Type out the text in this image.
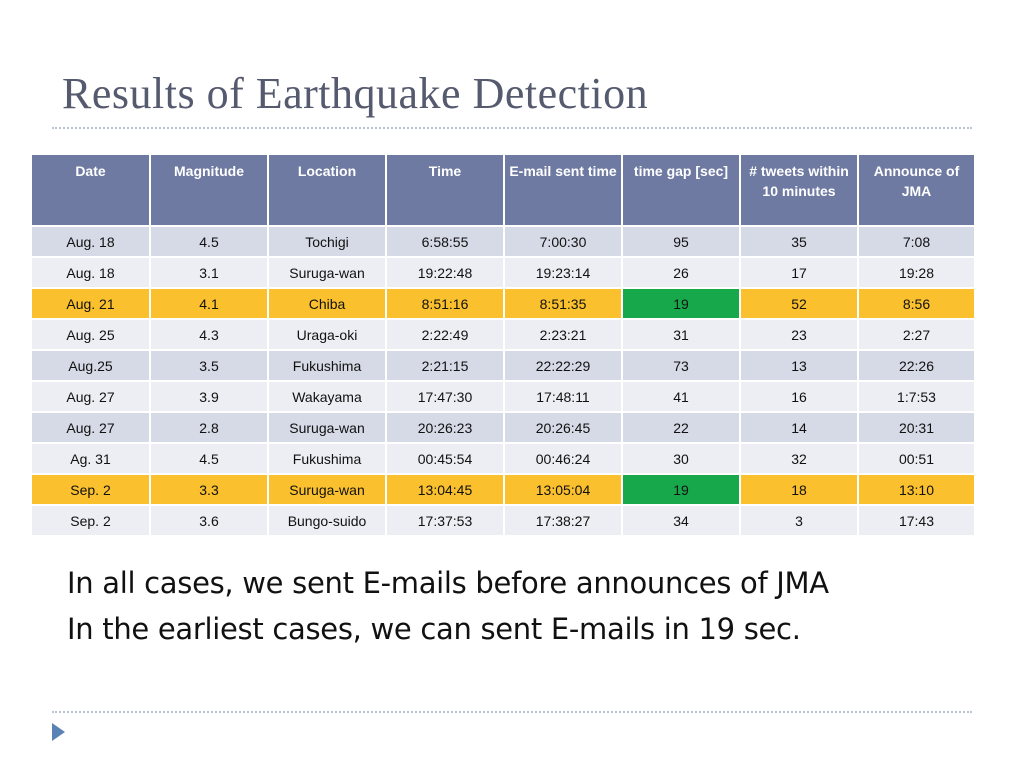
Results of Earthquake Detection
Date	Magnitude	Location	Time	E-mail sent time	time gap [sec]	# tweets within 10 minutes	Announce of JMA
Aug. 18	4.5	Tochigi	6:58:55	7:00:30	95	35	7:08
Aug. 18	3.1	Suruga-wan	19:22:48	19:23:14	26	17	19:28
Aug. 21	4.1	Chiba	8:51:16	8:51:35	19	52	8:56
Aug. 25	4.3	Uraga-oki	2:22:49	2:23:21	31	23	2:27
Aug.25	3.5	Fukushima	2:21:15	22:22:29	73	13	22:26
Aug. 27	3.9	Wakayama	17:47:30	17:48:11	41	16	1:7:53
Aug. 27	2.8	Suruga-wan	20:26:23	20:26:45	22	14	20:31
Ag. 31	4.5	Fukushima	00:45:54	00:46:24	30	32	00:51
Sep. 2	3.3	Suruga-wan	13:04:45	13:05:04	19	18	13:10
Sep. 2	3.6	Bungo-suido	17:37:53	17:38:27	34	3	17:43
In all cases, we sent E-mails before announces of JMA
In the earliest cases, we can sent E-mails in 19 sec.
